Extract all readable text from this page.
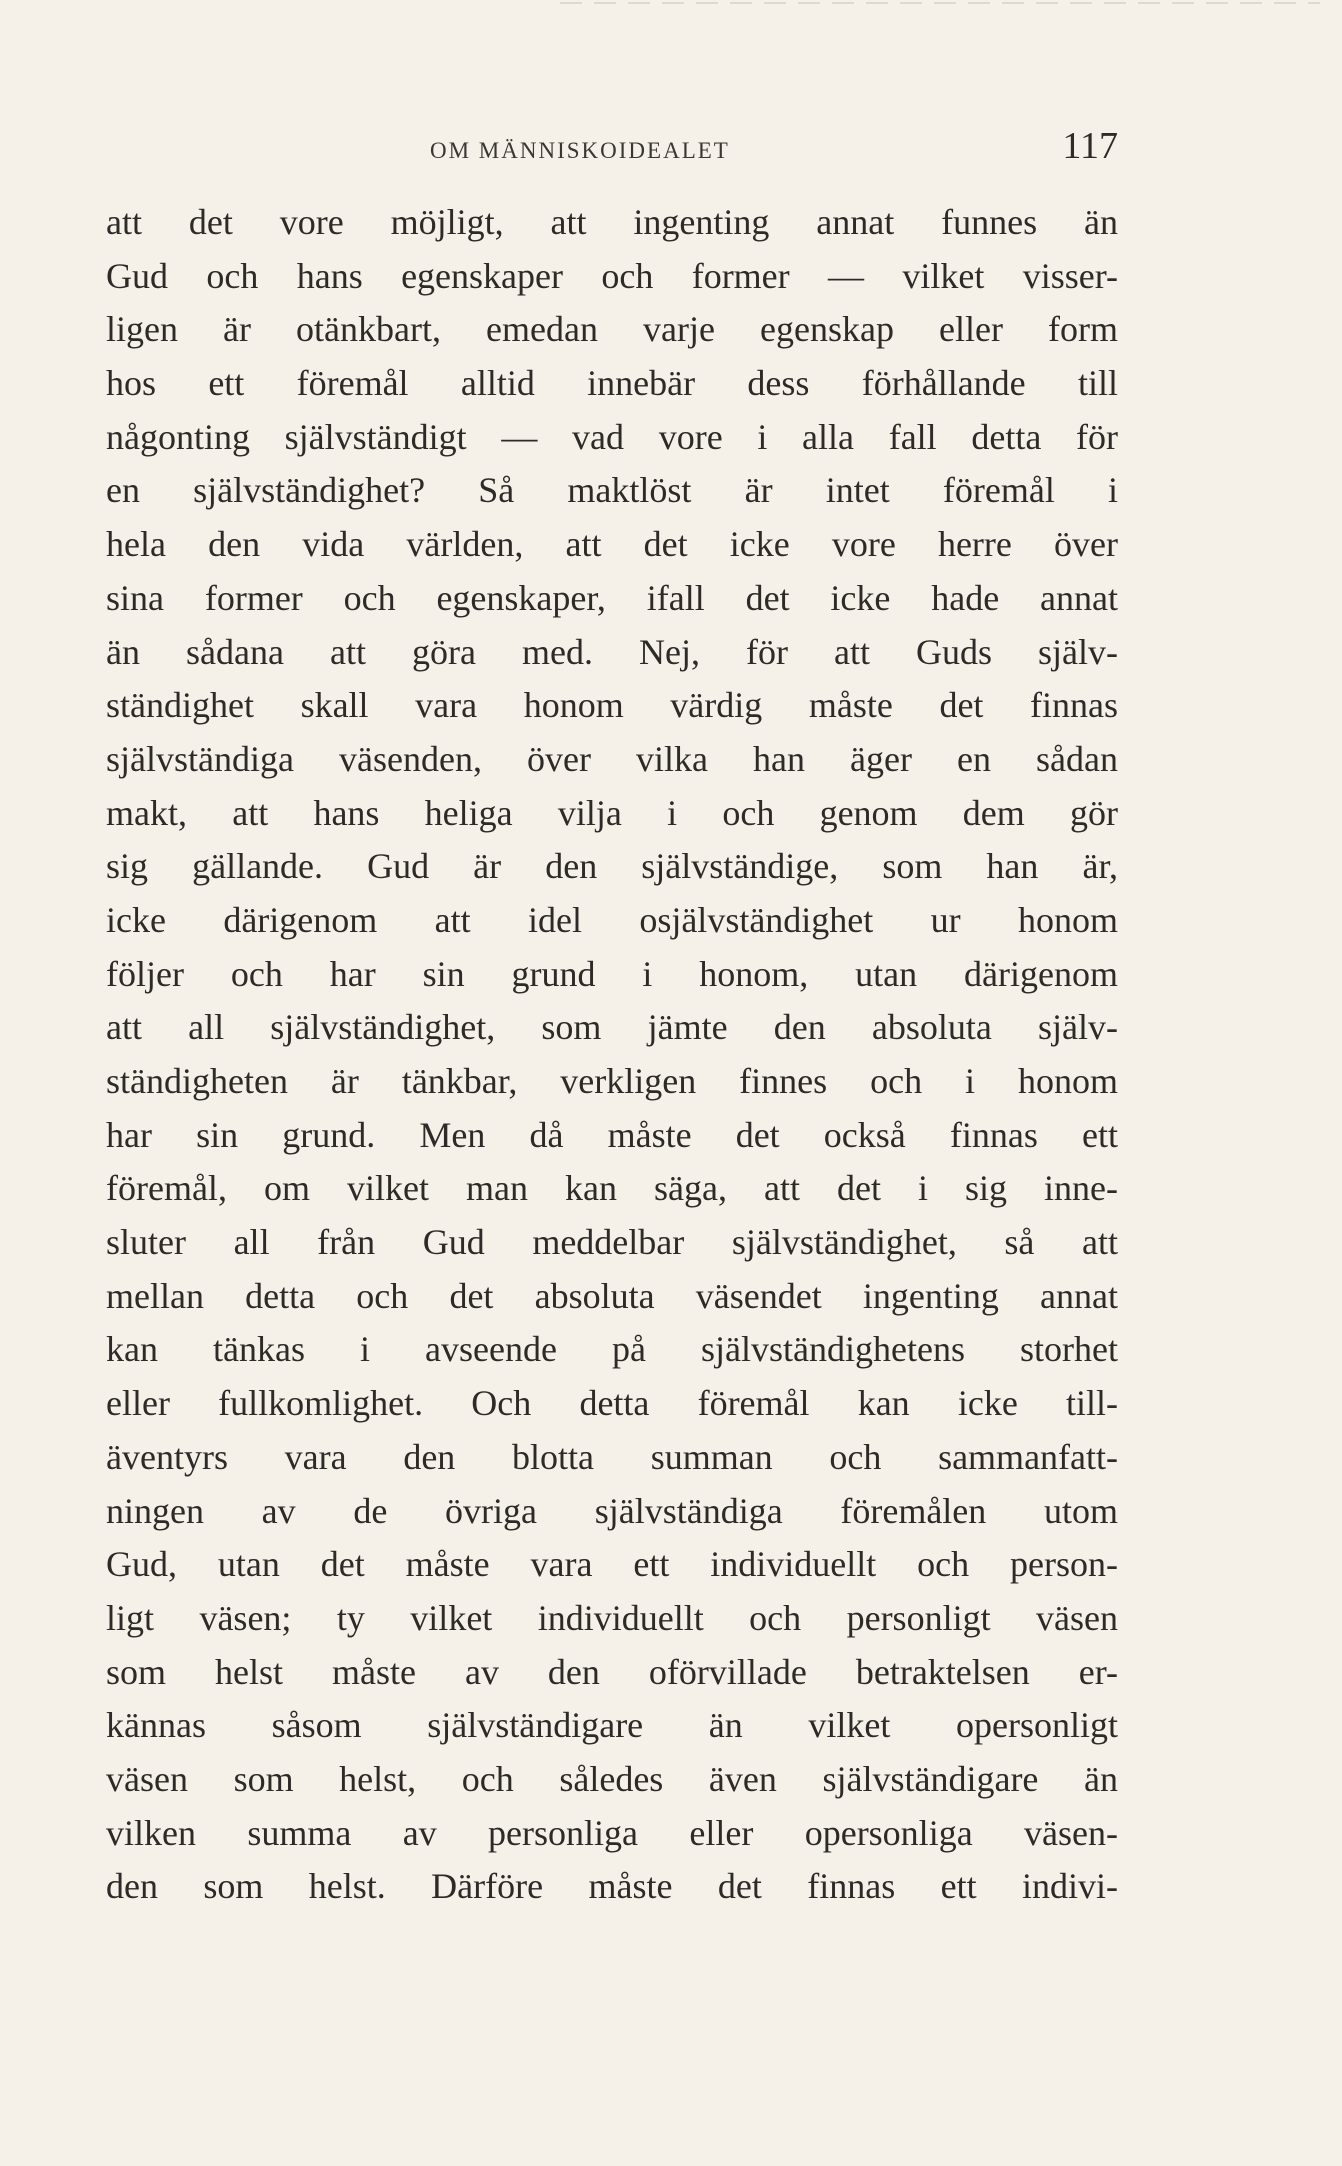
OM MÄNNISKOIDEALET	117
att det vore möjligt, att ingenting annat funnes än
Gud och hans egenskaper och former — vilket visser-
ligen är otänkbart, emedan varje egenskap eller form
hos ett föremål alltid innebär dess förhållande till
någonting självständigt — vad vore i alla fall detta för
en självständighet? Så maktlöst är intet föremål i
hela den vida världen, att det icke vore herre över
sina former och egenskaper, ifall det icke hade annat
än sådana att göra med. Nej, för att Guds själv-
ständighet skall vara honom värdig måste det finnas
självständiga väsenden, över vilka han äger en sådan
makt, att hans heliga vilja i och genom dem gör
sig gällande. Gud är den självständige, som han är,
icke därigenom att idel osjälvständighet ur honom
följer och har sin grund i honom, utan därigenom
att all självständighet, som jämte den absoluta själv-
ständigheten är tänkbar, verkligen finnes och i honom
har sin grund. Men då måste det också finnas ett
föremål, om vilket man kan säga, att det i sig inne-
sluter all från Gud meddelbar självständighet, så att
mellan detta och det absoluta väsendet ingenting annat
kan tänkas i avseende på självständighetens storhet
eller fullkomlighet. Och detta föremål kan icke till-
äventyrs vara den blotta summan och sammanfatt-
ningen av de övriga självständiga föremålen utom
Gud, utan det måste vara ett individuellt och person-
ligt väsen; ty vilket individuellt och personligt väsen
som helst måste av den oförvillade betraktelsen er-
kännas såsom självständigare än vilket opersonligt
väsen som helst, och således även självständigare än
vilken summa av personliga eller opersonliga väsen-
den som helst. Därföre måste det finnas ett indivi-
